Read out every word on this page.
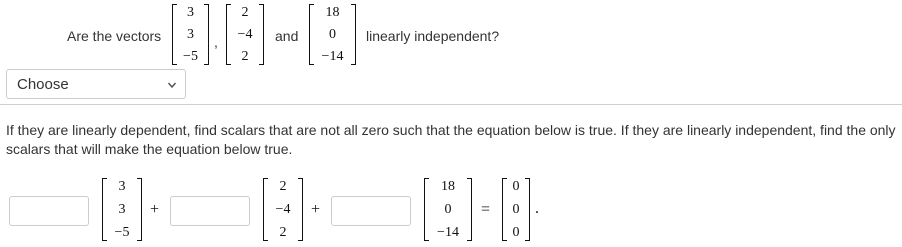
Are the vectors
3
3
−5
,
2
−4
2
and
18
0
−14
linearly independent?
Choose
If they are linearly dependent, find scalars that are not all zero such that the equation below is true. If they are linearly independent, find the only
scalars that will make the equation below true.
3
3
−5
+
2
−4
2
+
18
0
−14
=
0
0
0
.
